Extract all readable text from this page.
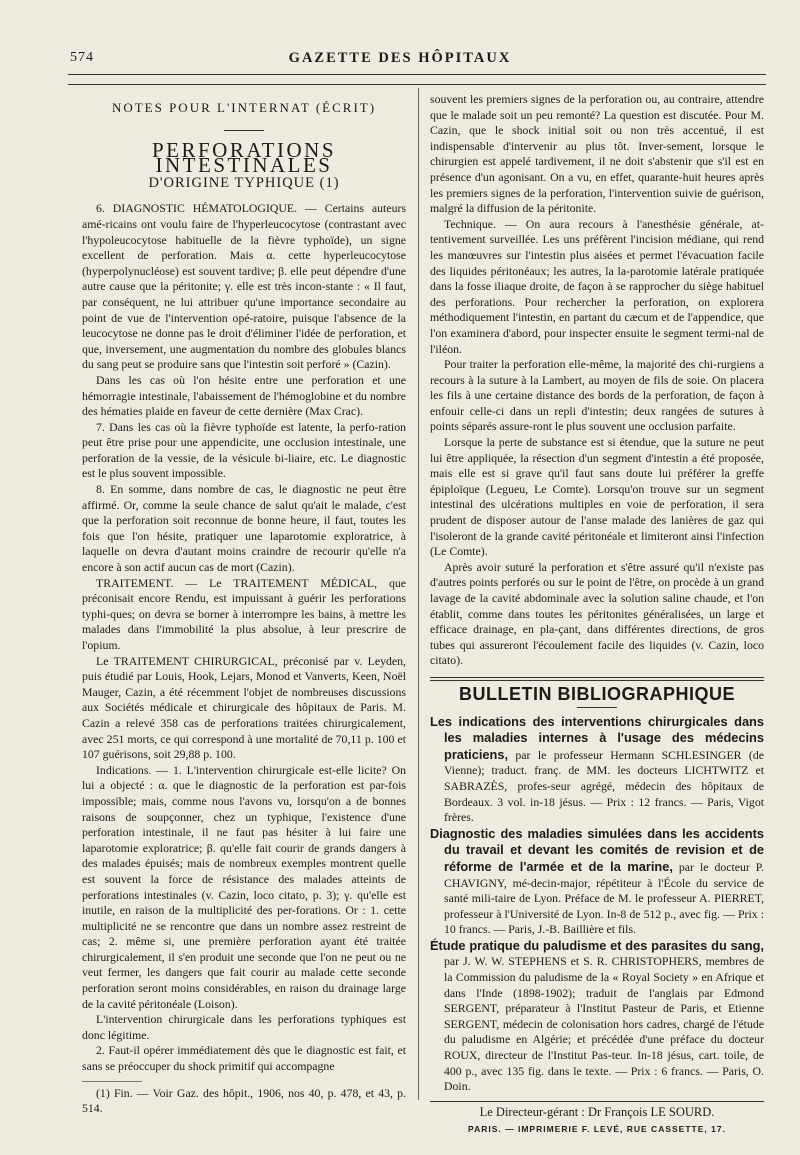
574	GAZETTE DES HÔPITAUX
NOTES POUR L'INTERNAT (ÉCRIT)
PERFORATIONS INTESTINALES
D'ORIGINE TYPHIQUE (1)

6. DIAGNOSTIC HÉMATOLOGIQUE. — Certains auteurs amé-ricains ont voulu faire de l'hyperleucocytose (contrastant avec l'hypoleucocytose habituelle de la fièvre typhoïde), un signe excellent de perforation. Mais α. cette hyperleucocytose (hyperpolynucléose) est souvent tardive; β. elle peut dépendre d'une autre cause que la péritonite; γ. elle est très incon-stante : « Il faut, par conséquent, ne lui attribuer qu'une importance secondaire au point de vue de l'intervention opé-ratoire, puisque l'absence de la leucocytose ne donne pas le droit d'éliminer l'idée de perforation, et que, inversement, une augmentation du nombre des globules blancs du sang peut se produire sans que l'intestin soit perforé » (Cazin).

Dans les cas où l'on hésite entre une perforation et une hémorragie intestinale, l'abaissement de l'hémoglobine et du nombre des hématies plaide en faveur de cette dernière (Max Crac).

7. Dans les cas où la fièvre typhoïde est latente, la perfo-ration peut être prise pour une appendicite, une occlusion intestinale, une perforation de la vessie, de la vésicule bi-liaire, etc. Le diagnostic est le plus souvent impossible.

8. En somme, dans nombre de cas, le diagnostic ne peut être affirmé. Or, comme la seule chance de salut qu'ait le malade, c'est que la perforation soit reconnue de bonne heure, il faut, toutes les fois que l'on hésite, pratiquer une laparotomie exploratrice, à laquelle on devra d'autant moins craindre de recourir qu'elle n'a encore à son actif aucun cas de mort (Cazin).

TRAITEMENT. — Le TRAITEMENT MÉDICAL, que préconisait encore Rendu, est impuissant à guérir les perforations typhi-ques; on devra se borner à interrompre les bains, à mettre les malades dans l'immobilité la plus absolue, à leur prescrire de l'opium.

Le TRAITEMENT CHIRURGICAL, préconisé par v. Leyden, puis étudié par Louis, Hook, Lejars, Monod et Vanverts, Keen, Noël Mauger, Cazin, a été récemment l'objet de nombreuses discussions aux Sociétés médicale et chirurgicale des hôpitaux de Paris. M. Cazin a relevé 358 cas de perforations traitées chirurgicalement, avec 251 morts, ce qui correspond à une mortalité de 70,11 p. 100 et 107 guérisons, soit 29,88 p. 100.

Indications. — 1. L'intervention chirurgicale est-elle licite? On lui a objecté : α. que le diagnostic de la perforation est par-fois impossible; mais, comme nous l'avons vu, lorsqu'on a de bonnes raisons de soupçonner, chez un typhique, l'existence d'une perforation intestinale, il ne faut pas hésiter à lui faire une laparotomie exploratrice; β. qu'elle fait courir de grands dangers à des malades épuisés; mais de nombreux exemples montrent quelle est souvent la force de résistance des malades atteints de perforations intestinales (v. Cazin, loco citato, p. 3); γ. qu'elle est inutile, en raison de la multiplicité des per-forations. Or : 1. cette multiplicité ne se rencontre que dans un nombre assez restreint de cas; 2. même si, une première perforation ayant été traitée chirurgicalement, il s'en produit une seconde que l'on ne peut ou ne veut fermer, les dangers que fait courir au malade cette seconde perforation seront moins considérables, en raison du drainage large de la cavité péritonéale (Loison).

L'intervention chirurgicale dans les perforations typhiques est donc légitime.

2. Faut-il opérer immédiatement dès que le diagnostic est fait, et sans se préoccuper du shock primitif qui accompagne

(1) Fin. — Voir Gaz. des hôpit., 1906, nos 40, p. 478, et 43, p. 514.

souvent les premiers signes de la perforation ou, au contraire, attendre que le malade soit un peu remonté? La question est discutée. Pour M. Cazin, que le shock initial soit ou non très accentué, il est indispensable d'intervenir au plus tôt. Inver-sement, lorsque le chirurgien est appelé tardivement, il ne doit s'abstenir que s'il est en présence d'un agonisant. On a vu, en effet, quarante-huit heures après les premiers signes de la perforation, l'intervention suivie de guérison, malgré la diffusion de la péritonite.

Technique. — On aura recours à l'anesthésie générale, at-tentivement surveillée. Les uns préfèrent l'incision médiane, qui rend les manœuvres sur l'intestin plus aisées et permet l'évacuation facile des liquides péritonéaux; les autres, la la-parotomie latérale pratiquée dans la fosse iliaque droite, de façon à se rapprocher du siège habituel des perforations. Pour rechercher la perforation, on explorera méthodiquement l'intestin, en partant du cæcum et de l'appendice, que l'on examinera d'abord, pour inspecter ensuite le segment termi-nal de l'iléon.

Pour traiter la perforation elle-même, la majorité des chi-rurgiens a recours à la suture à la Lambert, au moyen de fils de soie. On placera les fils à une certaine distance des bords de la perforation, de façon à enfouir celle-ci dans un repli d'intestin; deux rangées de sutures à points séparés assure-ront le plus souvent une occlusion parfaite.

Lorsque la perte de substance est si étendue, que la suture ne peut lui être appliquée, la résection d'un segment d'intestin a été proposée, mais elle est si grave qu'il faut sans doute lui préférer la greffe épiploïque (Legueu, Le Comte). Lorsqu'on trouve sur un segment intestinal des ulcérations multiples en voie de perforation, il sera prudent de disposer autour de l'anse malade des lanières de gaz qui l'isoleront de la grande cavité péritonéale et limiteront ainsi l'infection (Le Comte).

Après avoir suturé la perforation et s'être assuré qu'il n'existe pas d'autres points perforés ou sur le point de l'être, on procède à un grand lavage de la cavité abdominale avec la solution saline chaude, et l'on établit, comme dans toutes les péritonites généralisées, un large et efficace drainage, en pla-çant, dans différentes directions, de gros tubes qui assureront l'écoulement facile des liquides (v. Cazin, loco citato).

BULLETIN BIBLIOGRAPHIQUE

Les indications des interventions chirurgicales dans les maladies internes à l'usage des médecins praticiens, par le professeur Hermann SCHLESINGER (de Vienne); traduct. franç. de MM. les docteurs LICHTWITZ et SABRAZÈS, profes-seur agrégé, médecin des hôpitaux de Bordeaux. 3 vol. in-18 jésus. — Prix : 12 francs. — Paris, Vigot frères.

Diagnostic des maladies simulées dans les accidents du travail et devant les comités de revision et de réforme de l'armée et de la marine, par le docteur P. CHAVIGNY, mé-decin-major, répétiteur à l'École du service de santé mili-taire de Lyon. Préface de M. le professeur A. PIERRET, professeur à l'Université de Lyon. In-8 de 512 p., avec fig. — Prix : 10 francs. — Paris, J.-B. Baillière et fils.

Étude pratique du paludisme et des parasites du sang, par J. W. W. STEPHENS et S. R. CHRISTOPHERS, membres de la Commission du paludisme de la « Royal Society » en Afrique et dans l'Inde (1898-1902); traduit de l'anglais par Edmond SERGENT, préparateur à l'Institut Pasteur de Paris, et Etienne SERGENT, médecin de colonisation hors cadres, chargé de l'étude du paludisme en Algérie; et précédée d'une préface du docteur ROUX, directeur de l'Institut Pas-teur. In-18 jésus, cart. toile, de 400 p., avec 135 fig. dans le texte. — Prix : 6 francs. — Paris, O. Doin.

Le Directeur-gérant : Dr François LE SOURD.
PARIS. — IMPRIMERIE F. LEVÉ, RUE CASSETTE, 17.
